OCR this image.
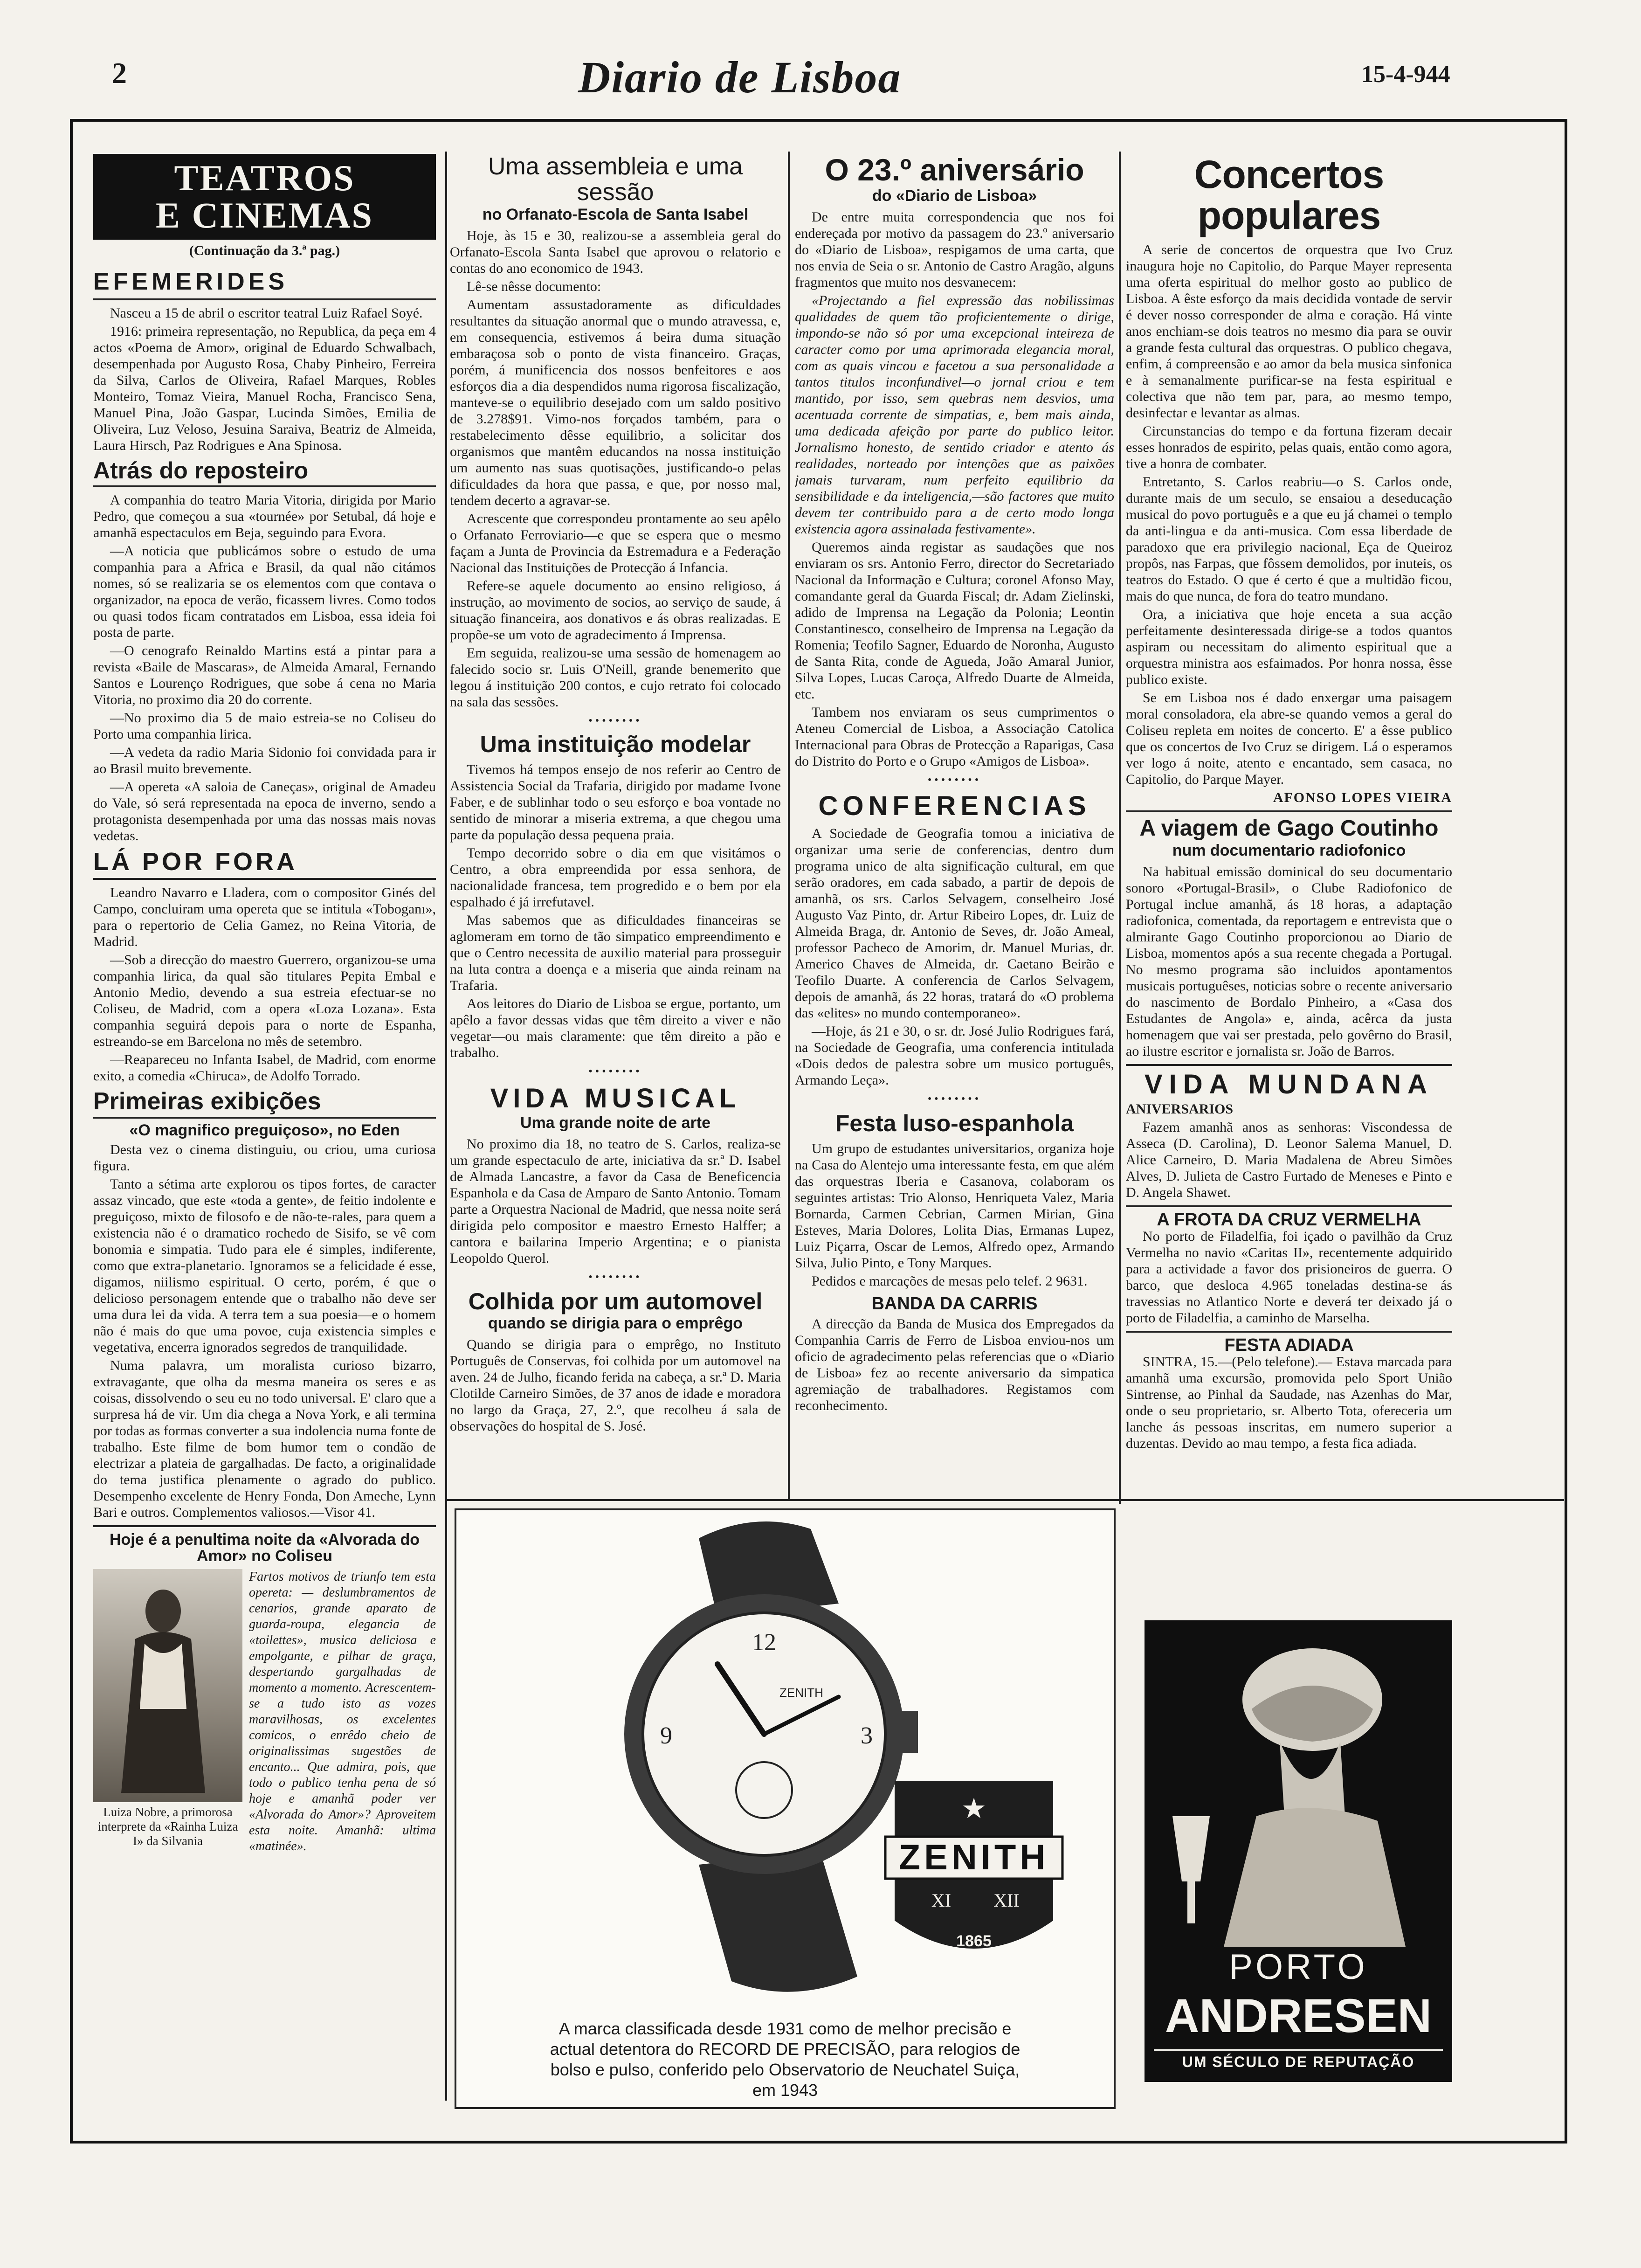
2	Diario de Lisboa	15-4-944
TEATROS
E CINEMAS
(Continuação da 3.ª pag.)
EFEMERIDES

Nasceu a 15 de abril o escritor teatral Luiz Rafael Soyé.

1916: primeira representação, no Republica, da peça em 4 actos «Poema de Amor», original de Eduardo Schwalbach, desempenhada por Augusto Rosa, Chaby Pinheiro, Ferreira da Silva, Carlos de Oliveira, Rafael Marques, Robles Monteiro, Tomaz Vieira, Manuel Rocha, Francisco Sena, Manuel Pina, João Gaspar, Lucinda Simões, Emilia de Oliveira, Luz Veloso, Jesuina Saraiva, Beatriz de Almeida, Laura Hirsch, Paz Rodrigues e Ana Spinosa.

Atrás do reposteiro

A companhia do teatro Maria Vitoria, dirigida por Mario Pedro, que começou a sua «tournée» por Setubal, dá hoje e amanhã espectaculos em Beja, seguindo para Evora.

—A noticia que publicámos sobre o estudo de uma companhia para a Africa e Brasil, da qual não citámos nomes, só se realizaria se os elementos com que contava o organizador, na epoca de verão, ficassem livres. Como todos ou quasi todos ficam contratados em Lisboa, essa ideia foi posta de parte.

—O cenografo Reinaldo Martins está a pintar para a revista «Baile de Mascaras», de Almeida Amaral, Fernando Santos e Lourenço Rodrigues, que sobe á cena no Maria Vitoria, no proximo dia 20 do corrente.

—No proximo dia 5 de maio estreia-se no Coliseu do Porto uma companhia lirica.

—A vedeta da radio Maria Sidonio foi convidada para ir ao Brasil muito brevemente.

—A opereta «A saloia de Caneças», original de Amadeu do Vale, só será representada na epoca de inverno, sendo a protagonista desempenhada por uma das nossas mais novas vedetas.

LÁ POR FORA

Leandro Navarro e Lladera, com o compositor Ginés del Campo, concluiram uma opereta que se intitula «Toboganı», para o repertorio de Celia Gamez, no Reina Vitoria, de Madrid.

—Sob a direcção do maestro Guerrero, organizou-se uma companhia lirica, da qual são titulares Pepita Embal e Antonio Medio, devendo a sua estreia efectuar-se no Coliseu, de Madrid, com a opera «Loza Lozana». Esta companhia seguirá depois para o norte de Espanha, estreando-se em Barcelona no mês de setembro.

—Reapareceu no Infanta Isabel, de Madrid, com enorme exito, a comedia «Chiruca», de Adolfo Torrado.

Primeiras exibições
«O magnifico preguiçoso», no Eden

Desta vez o cinema distinguiu, ou criou, uma curiosa figura.

Tanto a sétima arte explorou os tipos fortes, de caracter assaz vincado, que este «toda a gente», de feitio indolente e preguiçoso, mixto de filosofo e de não-te-rales, para quem a existencia não é o dramatico rochedo de Sisifo, se vê com bonomia e simpatia. Tudo para ele é simples, indiferente, como que extra-planetario. Ignoramos se a felicidade é esse, digamos, niilismo espiritual. O certo, porém, é que o delicioso personagem entende que o trabalho não deve ser uma dura lei da vida. A terra tem a sua poesia—e o homem não é mais do que uma povoe, cuja existencia simples e vegetativa, encerra ignorados segredos de tranquilidade.

Numa palavra, um moralista curioso bizarro, extravagante, que olha da mesma maneira os seres e as coisas, dissolvendo o seu eu no todo universal. E' claro que a surpresa há de vir. Um dia chega a Nova York, e ali termina por todas as formas converter a sua indolencia numa fonte de trabalho. Este filme de bom humor tem o condão de electrizar a plateia de gargalhadas. De facto, a originalidade do tema justifica plenamente o agrado do publico. Desempenho excelente de Henry Fonda, Don Ameche, Lynn Bari e outros. Complementos valiosos.—Visor 41.

Hoje é a penultima noite da «Alvorada do Amor» no Coliseu
Luiza Nobre, a primorosa interprete da «Rainha Luiza I» da Silvania
Fartos motivos de triunfo tem esta opereta: — deslumbramentos de cenarios, grande aparato de guarda-roupa, elegancia de «toilettes», musica deliciosa e empolgante, e pilhar de graça, despertando gargalhadas de momento a momento. Acrescentem-se a tudo isto as vozes maravilhosas, os excelentes comicos, o enrêdo cheio de originalissimas sugestões de encanto... Que admira, pois, que todo o publico tenha pena de só hoje e amanhã poder ver «Alvorada do Amor»? Aproveitem esta noite. Amanhã: ultima «matinée».
Uma assembleia e uma sessão
no Orfanato-Escola de Santa Isabel

Hoje, às 15 e 30, realizou-se a assembleia geral do Orfanato-Escola Santa Isabel que aprovou o relatorio e contas do ano economico de 1943.

Lê-se nêsse documento:

Aumentam assustadoramente as dificuldades resultantes da situação anormal que o mundo atravessa, e, em consequencia, estivemos á beira duma situação embaraçosa sob o ponto de vista financeiro. Graças, porém, á munificencia dos nossos benfeitores e aos esforços dia a dia despendidos numa rigorosa fiscalização, manteve-se o equilibrio desejado com um saldo positivo de 3.278$91. Vimo-nos forçados também, para o restabelecimento dêsse equilibrio, a solicitar dos organismos que mantêm educandos na nossa instituição um aumento nas suas quotisações, justificando-o pelas dificuldades da hora que passa, e que, por nosso mal, tendem decerto a agravar-se.

Acrescente que correspondeu prontamente ao seu apêlo o Orfanato Ferroviario—e que se espera que o mesmo façam a Junta de Provincia da Estremadura e a Federação Nacional das Instituições de Protecção á Infancia.

Refere-se aquele documento ao ensino religioso, á instrução, ao movimento de socios, ao serviço de saude, á situação financeira, aos donativos e ás obras realizadas. E propõe-se um voto de agradecimento á Imprensa.

Em seguida, realizou-se uma sessão de homenagem ao falecido socio sr. Luis O'Neill, grande benemerito que legou á instituição 200 contos, e cujo retrato foi colocado na sala das sessões.

••••••••
Uma instituição modelar

Tivemos há tempos ensejo de nos referir ao Centro de Assistencia Social da Trafaria, dirigido por madame Ivone Faber, e de sublinhar todo o seu esforço e boa vontade no sentido de minorar a miseria extrema, a que chegou uma parte da população dessa pequena praia.

Tempo decorrido sobre o dia em que visitámos o Centro, a obra empreendida por essa senhora, de nacionalidade francesa, tem progredido e o bem por ela espalhado é já irrefutavel.

Mas sabemos que as dificuldades financeiras se aglomeram em torno de tão simpatico empreendimento e que o Centro necessita de auxilio material para prosseguir na luta contra a doença e a miseria que ainda reinam na Trafaria.

Aos leitores do Diario de Lisboa se ergue, portanto, um apêlo a favor dessas vidas que têm direito a viver e não vegetar—ou mais claramente: que têm direito a pão e trabalho.

••••••••
VIDA MUSICAL
Uma grande noite de arte

No proximo dia 18, no teatro de S. Carlos, realiza-se um grande espectaculo de arte, iniciativa da sr.ª D. Isabel de Almada Lancastre, a favor da Casa de Beneficencia Espanhola e da Casa de Amparo de Santo Antonio. Tomam parte a Orquestra Nacional de Madrid, que nessa noite será dirigida pelo compositor e maestro Ernesto Halffer; a cantora e bailarina Imperio Argentina; e o pianista Leopoldo Querol.

••••••••
Colhida por um automovel
quando se dirigia para o emprêgo

Quando se dirigia para o emprêgo, no Instituto Português de Conservas, foi colhida por um automovel na aven. 24 de Julho, ficando ferida na cabeça, a sr.ª D. Maria Clotilde Carneiro Simões, de 37 anos de idade e moradora no largo da Graça, 27, 2.º, que recolheu á sala de observações do hospital de S. José.

O 23.º aniversário
do «Diario de Lisboa»

De entre muita correspondencia que nos foi endereçada por motivo da passagem do 23.º aniversario do «Diario de Lisboa», respigamos de uma carta, que nos envia de Seia o sr. Antonio de Castro Aragão, alguns fragmentos que muito nos desvanecem:

«Projectando a fiel expressão das nobilissimas qualidades de quem tão proficientemente o dirige, impondo-se não só por uma excepcional inteireza de caracter como por uma aprimorada elegancia moral, com as quais vincou e facetou a sua personalidade a tantos titulos inconfundivel—o jornal criou e tem mantido, por isso, sem quebras nem desvios, uma acentuada corrente de simpatias, e, bem mais ainda, uma dedicada afeição por parte do publico leitor. Jornalismo honesto, de sentido criador e atento ás realidades, norteado por intenções que as paixões jamais turvaram, num perfeito equilibrio da sensibilidade e da inteligencia,—são factores que muito devem ter contribuido para a de certo modo longa existencia agora assinalada festivamente».

Queremos ainda registar as saudações que nos enviaram os srs. Antonio Ferro, director do Secretariado Nacional da Informação e Cultura; coronel Afonso May, comandante geral da Guarda Fiscal; dr. Adam Zielinski, adido de Imprensa na Legação da Polonia; Leontin Constantinesco, conselheiro de Imprensa na Legação da Romenia; Teofilo Sagner, Eduardo de Noronha, Augusto de Santa Rita, conde de Agueda, João Amaral Junior, Silva Lopes, Lucas Caroça, Alfredo Duarte de Almeida, etc.

Tambem nos enviaram os seus cumprimentos o Ateneu Comercial de Lisboa, a Associação Catolica Internacional para Obras de Protecção a Raparigas, Casa do Distrito do Porto e o Grupo «Amigos de Lisboa».

••••••••
CONFERENCIAS

A Sociedade de Geografia tomou a iniciativa de organizar uma serie de conferencias, dentro dum programa unico de alta significação cultural, em que serão oradores, em cada sabado, a partir de depois de amanhã, os srs. Carlos Selvagem, conselheiro José Augusto Vaz Pinto, dr. Artur Ribeiro Lopes, dr. Luiz de Almeida Braga, dr. Antonio de Seves, dr. João Ameal, professor Pacheco de Amorim, dr. Manuel Murias, dr. Americo Chaves de Almeida, dr. Caetano Beirão e Teofilo Duarte. A conferencia de Carlos Selvagem, depois de amanhã, ás 22 horas, tratará do «O problema das «elites» no mundo contemporaneo».

—Hoje, ás 21 e 30, o sr. dr. José Julio Rodrigues fará, na Sociedade de Geografia, uma conferencia intitulada «Dois dedos de palestra sobre um musico português, Armando Leça».

••••••••
Festa luso-espanhola

Um grupo de estudantes universitarios, organiza hoje na Casa do Alentejo uma interessante festa, em que além das orquestras Iberia e Casanova, colaboram os seguintes artistas: Trio Alonso, Henriqueta Valez, Maria Bornarda, Carmen Cebrian, Carmen Mirian, Gina Esteves, Maria Dolores, Lolita Dias, Ermanas Lupez, Luiz Piçarra, Oscar de Lemos, Alfredo opez, Armando Silva, Julio Pinto, e Tony Marques.

Pedidos e marcações de mesas pelo telef. 2 9631.

BANDA DA CARRIS

A direcção da Banda de Musica dos Empregados da Companhia Carris de Ferro de Lisboa enviou-nos um oficio de agradecimento pelas referencias que o «Diario de Lisboa» fez ao recente aniversario da simpatica agremiação de trabalhadores. Registamos com reconhecimento.

Concertos populares

A serie de concertos de orquestra que Ivo Cruz inaugura hoje no Capitolio, do Parque Mayer representa uma oferta espiritual do melhor gosto ao publico de Lisboa. A êste esforço da mais decidida vontade de servir é dever nosso corresponder de alma e coração. Há vinte anos enchiam-se dois teatros no mesmo dia para se ouvir a grande festa cultural das orquestras. O publico chegava, enfim, á compreensão e ao amor da bela musica sinfonica e à semanalmente purificar-se na festa espiritual e colectiva que não tem par, para, ao mesmo tempo, desinfectar e levantar as almas.

Circunstancias do tempo e da fortuna fizeram decair esses honrados de espirito, pelas quais, então como agora, tive a honra de combater.

Entretanto, S. Carlos reabriu—o S. Carlos onde, durante mais de um seculo, se ensaiou a deseducação musical do povo português e a que eu já chamei o templo da anti-lingua e da anti-musica. Com essa liberdade de paradoxo que era privilegio nacional, Eça de Queiroz propôs, nas Farpas, que fôssem demolidos, por inuteis, os teatros do Estado. O que é certo é que a multidão ficou, mais do que nunca, de fora do teatro mundano.

Ora, a iniciativa que hoje enceta a sua acção perfeitamente desinteressada dirige-se a todos quantos aspiram ou necessitam do alimento espiritual que a orquestra ministra aos esfaimados. Por honra nossa, êsse publico existe.

Se em Lisboa nos é dado enxergar uma paisagem moral consoladora, ela abre-se quando vemos a geral do Coliseu repleta em noites de concerto. E' a êsse publico que os concertos de Ivo Cruz se dirigem. Lá o esperamos ver logo á noite, atento e encantado, sem casaca, no Capitolio, do Parque Mayer.

AFONSO LOPES VIEIRA
A viagem de Gago Coutinho
num documentario radiofonico

Na habitual emissão dominical do seu documentario sonoro «Portugal-Brasil», o Clube Radiofonico de Portugal inclue amanhã, ás 18 horas, a adaptação radiofonica, comentada, da reportagem e entrevista que o almirante Gago Coutinho proporcionou ao Diario de Lisboa, momentos após a sua recente chegada a Portugal. No mesmo programa são incluidos apontamentos musicais portuguêses, noticias sobre o recente aniversario do nascimento de Bordalo Pinheiro, a «Casa dos Estudantes de Angola» e, ainda, acêrca da justa homenagem que vai ser prestada, pelo govêrno do Brasil, ao ilustre escritor e jornalista sr. João de Barros.

VIDA MUNDANA
ANIVERSARIOS

Fazem amanhã anos as senhoras: Viscondessa de Asseca (D. Carolina), D. Leonor Salema Manuel, D. Alice Carneiro, D. Maria Madalena de Abreu Simões Alves, D. Julieta de Castro Furtado de Meneses e Pinto e D. Angela Shawet.

A FROTA DA CRUZ VERMELHA

No porto de Filadelfia, foi içado o pavilhão da Cruz Vermelha no navio «Caritas II», recentemente adquirido para a actividade a favor dos prisioneiros de guerra. O barco, que desloca 4.965 toneladas destina-se ás travessias no Atlantico Norte e deverá ter deixado já o porto de Filadelfia, a caminho de Marselha.

FESTA ADIADA

SINTRA, 15.—(Pelo telefone).— Estava marcada para amanhã uma excursão, promovida pelo Sport União Sintrense, ao Pinhal da Saudade, nas Azenhas do Mar, onde o seu proprietario, sr. Alberto Tota, ofereceria um lanche ás pessoas inscritas, em numero superior a duzentas. Devido ao mau tempo, a festa fica adiada.

12
3
9
ZENITH
★
ZENITH
XI XII
1865
A marca classificada desde 1931 como de melhor precisão e actual detentora do RECORD DE PRECISÃO, para relogios de bolso e pulso, conferido pelo Observatorio de Neuchatel Suiça, em 1943
PORTO
ANDRESEN
UM SÉCULO DE REPUTAÇÃO
